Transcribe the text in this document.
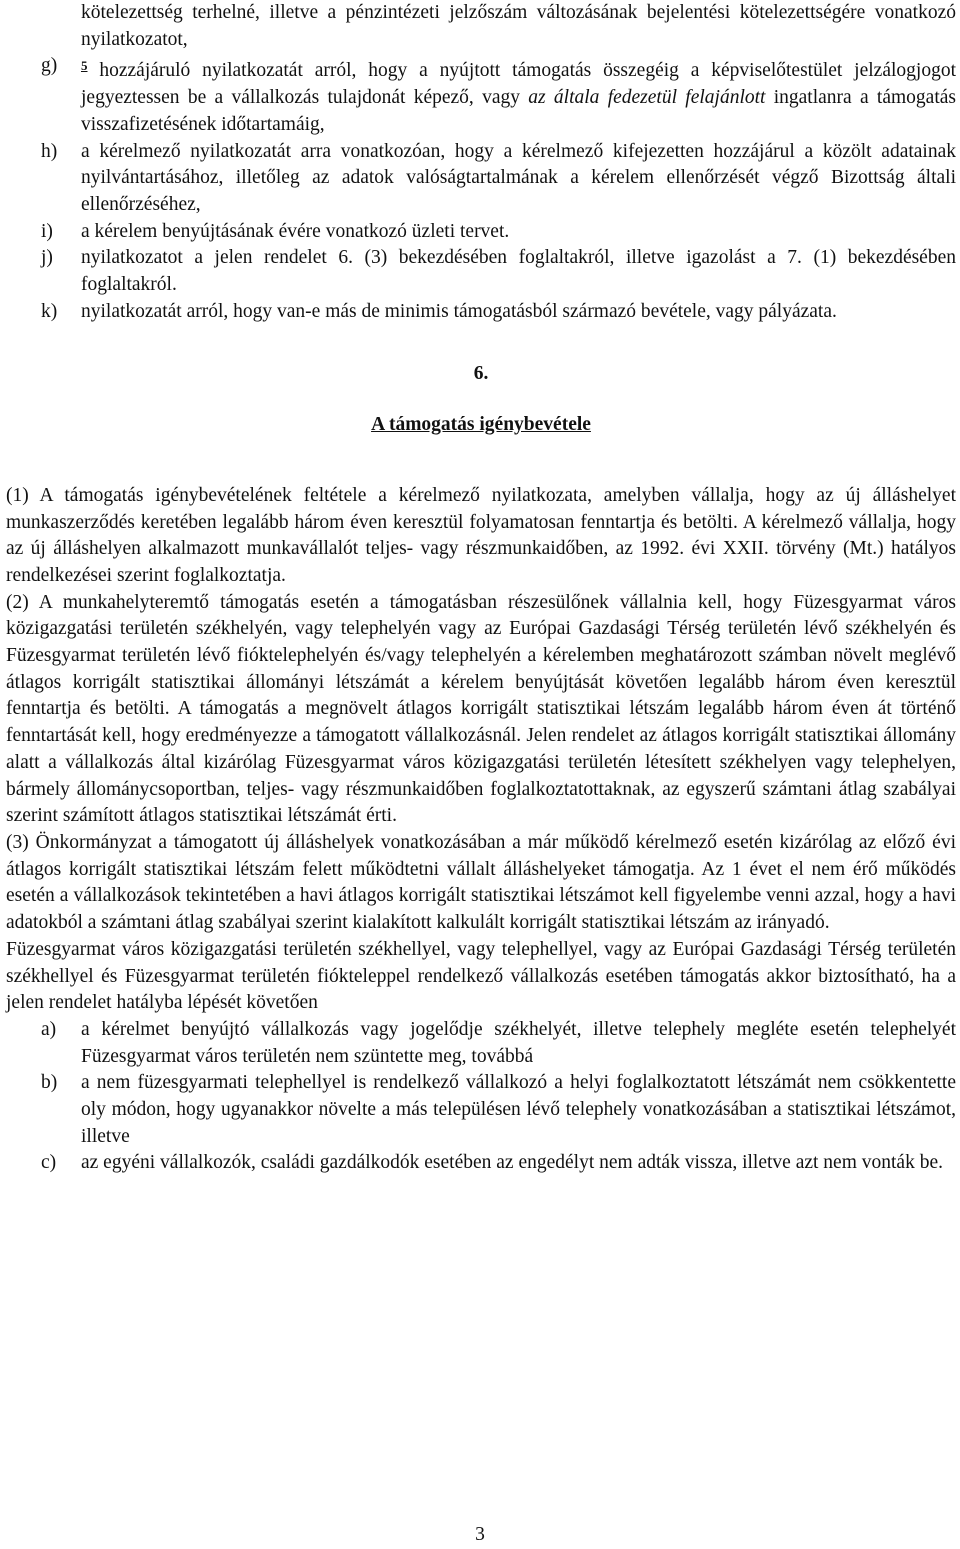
kötelezettség terhelné, illetve a pénzintézeti jelzőszám változásának bejelentési kötelezettségére vonatkozó nyilatkozatot,
g) $^5$ hozzájáruló nyilatkozatát arról, hogy a nyújtott támogatás összegéig a képviselőtestület jelzálogjogot jegyeztessen be a vállalkozás tulajdonát képező, vagy az általa fedezetül felajánlott ingatlanra a támogatás visszafizetésének időtartamáig,
h) a kérelmező nyilatkozatát arra vonatkozóan, hogy a kérelmező kifejezetten hozzájárul a közölt adatainak nyilvántartásához, illetőleg az adatok valóságtartalmának a kérelem ellenőrzését végző Bizottság általi ellenőrzéséhez,
i) a kérelem benyújtásának évére vonatkozó üzleti tervet.
j) nyilatkozatot a jelen rendelet 6. (3) bekezdésében foglaltakról, illetve igazolást a 7. (1) bekezdésében foglaltakról.
k) nyilatkozatát arról, hogy van-e más de minimis támogatásból származó bevétele, vagy pályázata.
6.
A támogatás igénybevétele
(1) A támogatás igénybevételének feltétele a kérelmező nyilatkozata, amelyben vállalja, hogy az új álláshelyet munkaszerződés keretében legalább három éven keresztül folyamatosan fenntartja és betölti. A kérelmező vállalja, hogy az új álláshelyen alkalmazott munkavállalót teljes- vagy részmunkaidőben, az 1992. évi XXII. törvény (Mt.) hatályos rendelkezései szerint foglalkoztatja.
(2) A munkahelyteremtő támogatás esetén a támogatásban részesülőnek vállalnia kell, hogy Füzesgyarmat város közigazgatási területén székhelyén, vagy telephelyén vagy az Európai Gazdasági Térség területén lévő székhelyén és Füzesgyarmat területén lévő fióktelephelyén és/vagy telephelyén a kérelemben meghatározott számban növelt meglévő átlagos korrigált statisztikai állományi létszámát a kérelem benyújtását követően legalább három éven keresztül fenntartja és betölti. A támogatás a megnövelt átlagos korrigált statisztikai létszám legalább három éven át történő fenntartását kell, hogy eredményezze a támogatott vállalkozásnál. Jelen rendelet az átlagos korrigált statisztikai állomány alatt a vállalkozás által kizárólag Füzesgyarmat város közigazgatási területén létesített székhelyen vagy telephelyen, bármely állománycsoportban, teljes- vagy részmunkaidőben foglalkoztatottaknak, az egyszerű számtani átlag szabályai szerint számított átlagos statisztikai létszámát érti.
(3) Önkormányzat a támogatott új álláshelyek vonatkozásában a már működő kérelmező esetén kizárólag az előző évi átlagos korrigált statisztikai létszám felett működtetni vállalt álláshelyeket támogatja. Az 1 évet el nem érő működés esetén a vállalkozások tekintetében a havi átlagos korrigált statisztikai létszámot kell figyelembe venni azzal, hogy a havi adatokból a számtani átlag szabályai szerint kialakított kalkulált korrigált statisztikai létszám az irányadó.
Füzesgyarmat város közigazgatási területén székhellyel, vagy telephellyel, vagy az Európai Gazdasági Térség területén székhellyel és Füzesgyarmat területén fiókteleppel rendelkező vállalkozás esetében támogatás akkor biztosítható, ha a jelen rendelet hatályba lépését követően
a) a kérelmet benyújtó vállalkozás vagy jogelődje székhelyét, illetve telephely megléte esetén telephelyét Füzesgyarmat város területén nem szüntette meg, továbbá
b) a nem füzesgyarmati telephellyel is rendelkező vállalkozó a helyi foglalkoztatott létszámát nem csökkentette oly módon, hogy ugyanakkor növelte a más településen lévő telephely vonatkozásában a statisztikai létszámot, illetve
c) az egyéni vállalkozók, családi gazdálkodók esetében az engedélyt nem adták vissza, illetve azt nem vonták be.
3
